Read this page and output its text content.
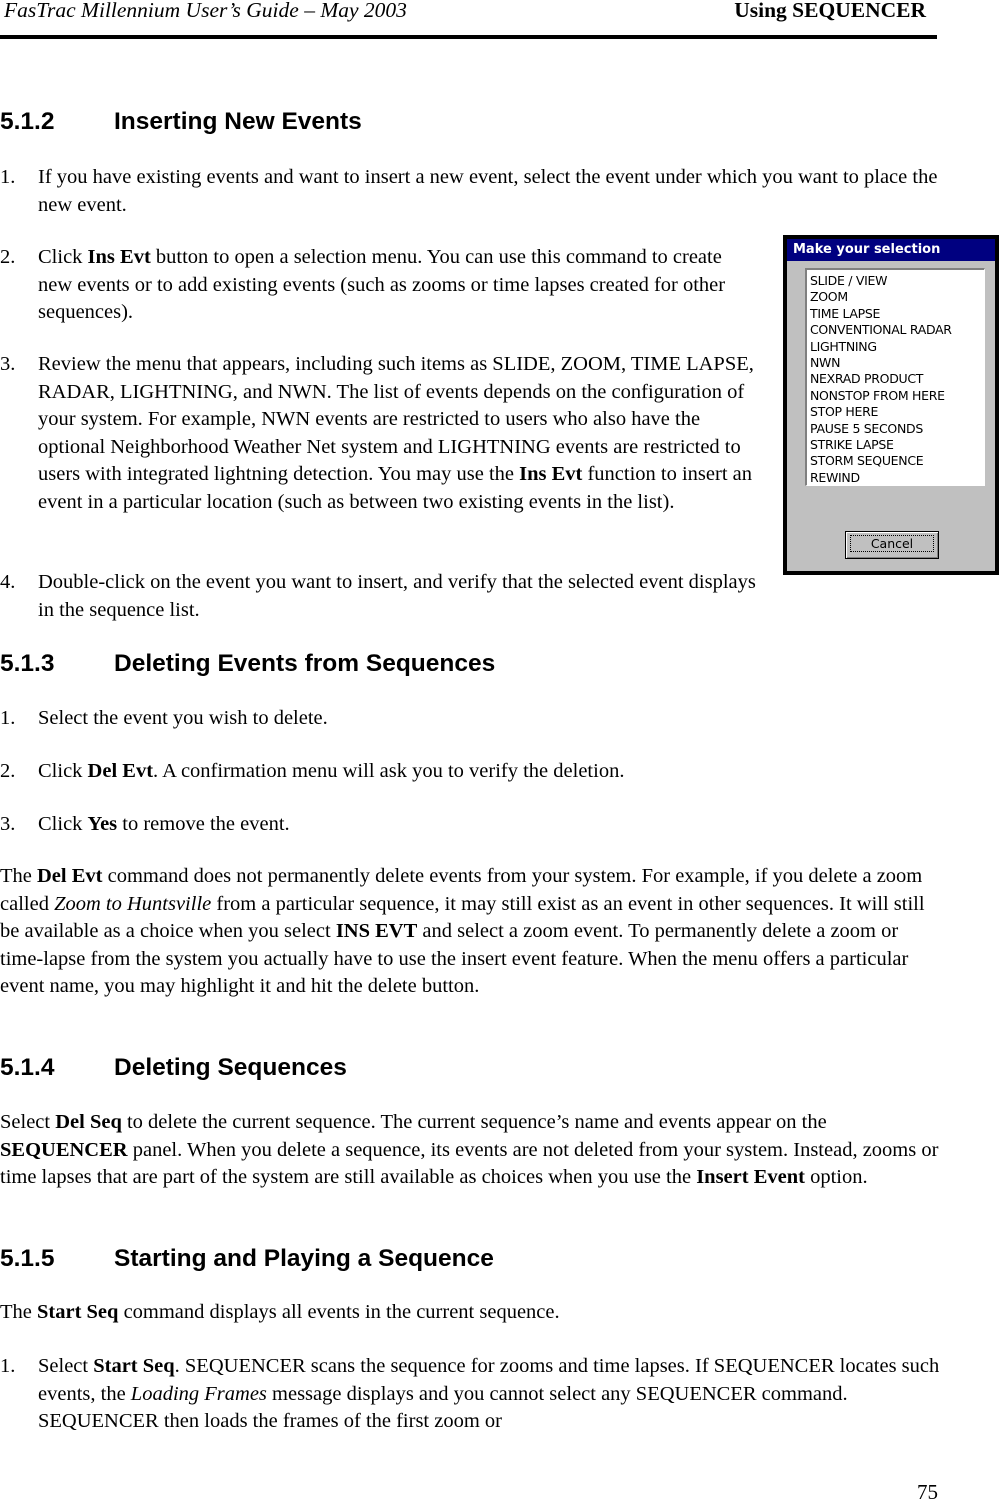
FasTrac Millennium User’s Guide – May 2003	Using SEQUENCER
5.1.2 Inserting New Events
1. If you have existing events and want to insert a new event, select the event under which you want to place the new event.
2. Click Ins Evt button to open a selection menu. You can use this command to create new events or to add existing events (such as zooms or time lapses created for other sequences).
3. Review the menu that appears, including such items as SLIDE, ZOOM, TIME LAPSE, RADAR, LIGHTNING, and NWN. The list of events depends on the configuration of your system. For example, NWN events are restricted to users who also have the optional Neighborhood Weather Net system and LIGHTNING events are restricted to users with integrated lightning detection. You may use the Ins Evt function to insert an event in a particular location (such as between two existing events in the list).
4. Double-click on the event you want to insert, and verify that the selected event displays in the sequence list.
Make your selection
SLIDE / VIEW
ZOOM
TIME LAPSE
CONVENTIONAL RADAR
LIGHTNING
NWN
NEXRAD PRODUCT
NONSTOP FROM HERE
STOP HERE
PAUSE 5 SECONDS
STRIKE LAPSE
STORM SEQUENCE
REWIND
Cancel
5.1.3 Deleting Events from Sequences
1. Select the event you wish to delete.
2. Click Del Evt. A confirmation menu will ask you to verify the deletion.
3. Click Yes to remove the event.
The Del Evt command does not permanently delete events from your system. For example, if you delete a zoom called Zoom to Huntsville from a particular sequence, it may still exist as an event in other sequences. It will still be available as a choice when you select INS EVT and select a zoom event. To permanently delete a zoom or time-lapse from the system you actually have to use the insert event feature. When the menu offers a particular event name, you may highlight it and hit the delete button.
5.1.4 Deleting Sequences
Select Del Seq to delete the current sequence. The current sequence’s name and events appear on the SEQUENCER panel. When you delete a sequence, its events are not deleted from your system. Instead, zooms or time lapses that are part of the system are still available as choices when you use the Insert Event option.
5.1.5 Starting and Playing a Sequence
The Start Seq command displays all events in the current sequence.
1. Select Start Seq. SEQUENCER scans the sequence for zooms and time lapses. If SEQUENCER locates such events, the Loading Frames message displays and you cannot select any SEQUENCER command. SEQUENCER then loads the frames of the first zoom or
75
